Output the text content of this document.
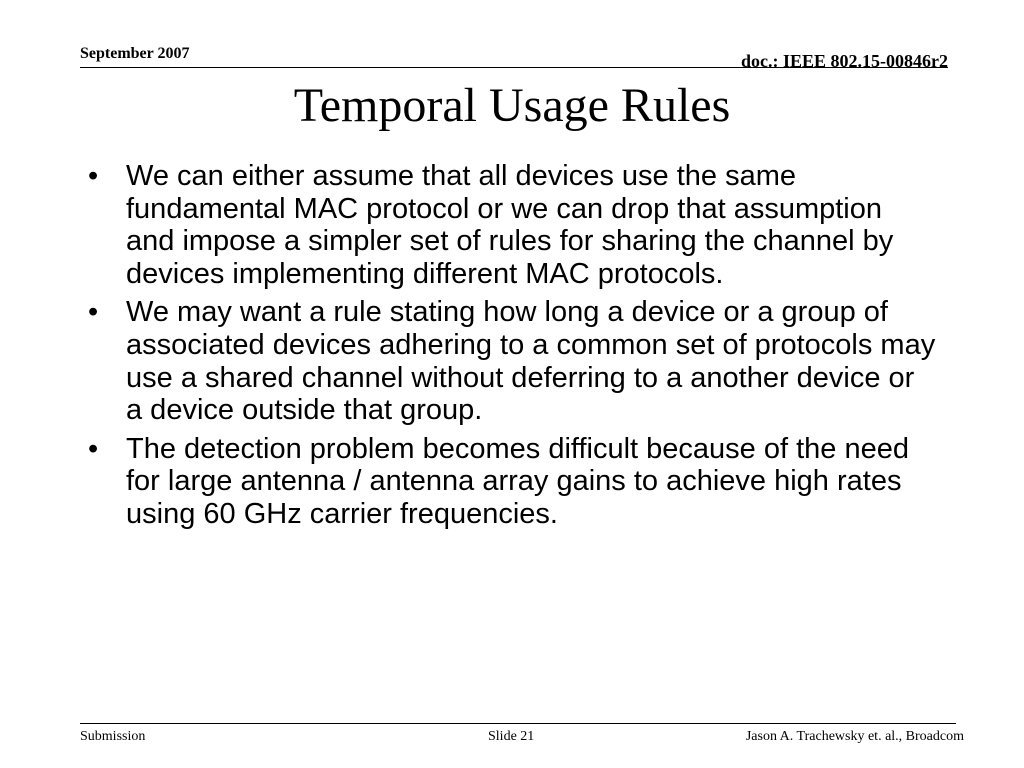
September 2007	doc.: IEEE 802.15-00846r2
Temporal Usage Rules
• We can either assume that all devices use the same fundamental MAC protocol or we can drop that assumption and impose a simpler set of rules for sharing the channel by devices implementing different MAC protocols.
• We may want a rule stating how long a device or a group of associated devices adhering to a common set of protocols may use a shared channel without deferring to a another device or a device outside that group.
• The detection problem becomes difficult because of the need for large antenna / antenna array gains to achieve high rates using 60 GHz carrier frequencies.
Submission	Slide 21	Jason A. Trachewsky et. al., Broadcom
